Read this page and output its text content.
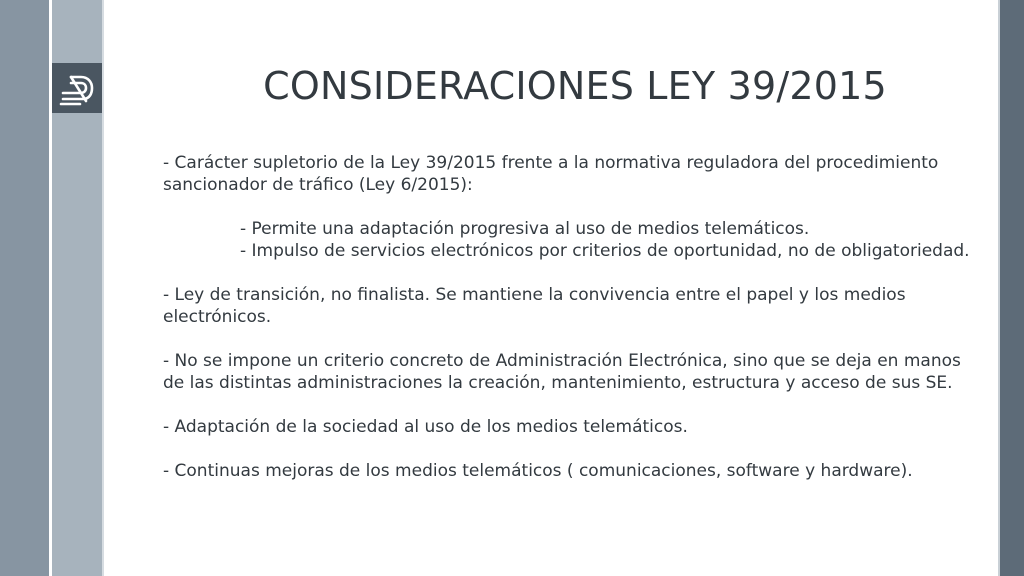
CONSIDERACIONES LEY 39/2015

- Carácter supletorio de la Ley 39/2015 frente a la normativa reguladora del procedimiento sancionador de tráfico (Ley 6/2015):

- Permite una adaptación progresiva al uso de medios telemáticos.

- Impulso de servicios electrónicos por criterios de oportunidad, no de obligatoriedad.

- Ley de transición, no finalista. Se mantiene la convivencia entre el papel y los medios electrónicos.

- No se impone un criterio concreto de Administración Electrónica, sino que se deja en manos de las distintas administraciones la creación, mantenimiento, estructura y acceso de sus SE.

- Adaptación de la sociedad al uso de los medios telemáticos.

- Continuas mejoras de los medios telemáticos ( comunicaciones, software y hardware).
